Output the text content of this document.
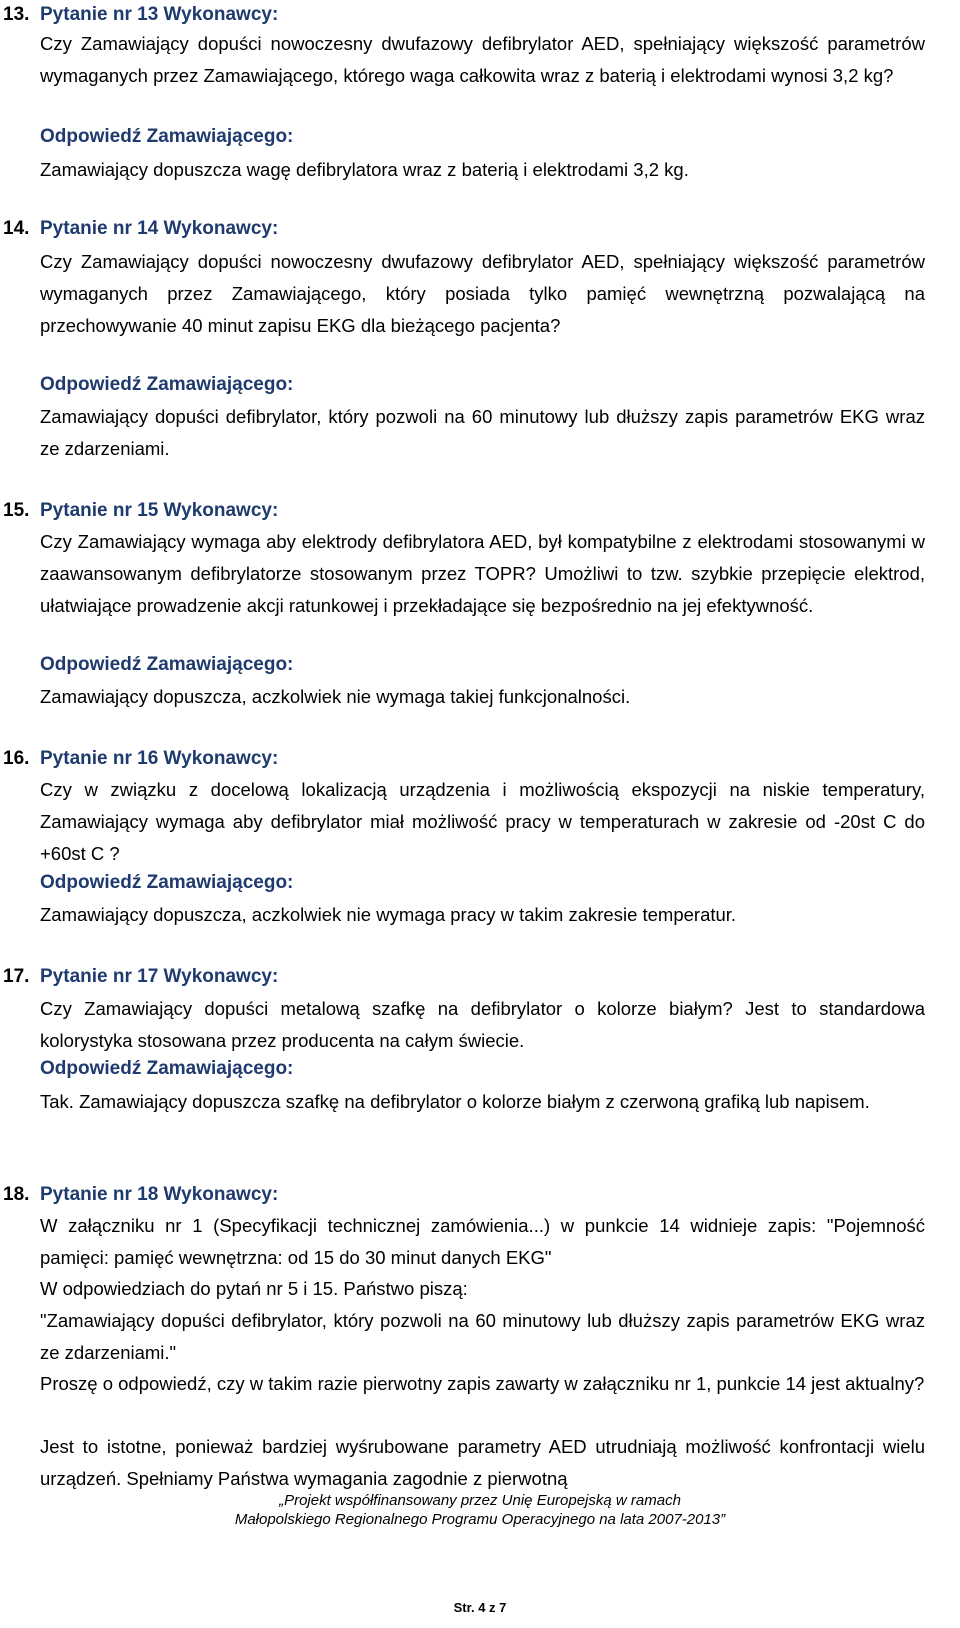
13. Pytanie nr 13 Wykonawcy:
Czy Zamawiający dopuści nowoczesny dwufazowy defibrylator AED, spełniający większość parametrów wymaganych przez Zamawiającego, którego waga całkowita wraz z baterią i elektrodami wynosi 3,2 kg?
Odpowiedź Zamawiającego:
Zamawiający dopuszcza wagę defibrylatora wraz z baterią i elektrodami 3,2 kg.
14. Pytanie nr 14 Wykonawcy:
Czy Zamawiający dopuści nowoczesny dwufazowy defibrylator AED, spełniający większość parametrów wymaganych przez Zamawiającego, który posiada tylko pamięć wewnętrzną pozwalającą na przechowywanie 40 minut zapisu EKG dla bieżącego pacjenta?
Odpowiedź Zamawiającego:
Zamawiający dopuści defibrylator, który pozwoli na 60 minutowy lub dłuższy zapis parametrów EKG wraz ze zdarzeniami.
15. Pytanie nr 15 Wykonawcy:
Czy Zamawiający wymaga aby elektrody defibrylatora AED, był kompatybilne z elektrodami stosowanymi w zaawansowanym defibrylatorze stosowanym przez TOPR? Umożliwi to tzw. szybkie przepięcie elektrod, ułatwiające prowadzenie akcji ratunkowej i przekładające się bezpośrednio na jej efektywność.
Odpowiedź Zamawiającego:
Zamawiający dopuszcza, aczkolwiek nie wymaga takiej funkcjonalności.
16. Pytanie nr 16 Wykonawcy:
Czy w związku z docelową lokalizacją urządzenia i możliwością ekspozycji na niskie temperatury, Zamawiający wymaga aby defibrylator miał możliwość pracy w temperaturach w zakresie od -20st C do +60st C ?
Odpowiedź Zamawiającego:
Zamawiający dopuszcza, aczkolwiek nie wymaga pracy w takim zakresie temperatur.
17. Pytanie nr 17 Wykonawcy:
Czy Zamawiający dopuści metalową szafkę na defibrylator o kolorze białym? Jest to standardowa kolorystyka stosowana przez producenta na całym świecie.
Odpowiedź Zamawiającego:
Tak. Zamawiający dopuszcza szafkę na defibrylator o kolorze białym z czerwoną grafiką lub napisem.
18. Pytanie nr 18 Wykonawcy:
W załączniku nr 1 (Specyfikacji technicznej zamówienia...) w punkcie 14 widnieje zapis: "Pojemność pamięci: pamięć wewnętrzna: od 15 do 30 minut danych EKG"
W odpowiedziach do pytań nr 5 i 15. Państwo piszą:
"Zamawiający dopuści defibrylator, który pozwoli na 60 minutowy lub dłuższy zapis parametrów EKG wraz ze zdarzeniami."
Proszę o odpowiedź, czy w takim razie pierwotny zapis zawarty w załączniku nr 1, punkcie 14 jest aktualny?
Jest to istotne, ponieważ bardziej wyśrubowane parametry AED utrudniają możliwość konfrontacji wielu urządzeń. Spełniamy Państwa wymagania zagodnie z pierwotną
„Projekt współfinansowany przez Unię Europejską w ramach
Małopolskiego Regionalnego Programu Operacyjnego na lata 2007-2013”
Str. 4 z 7
